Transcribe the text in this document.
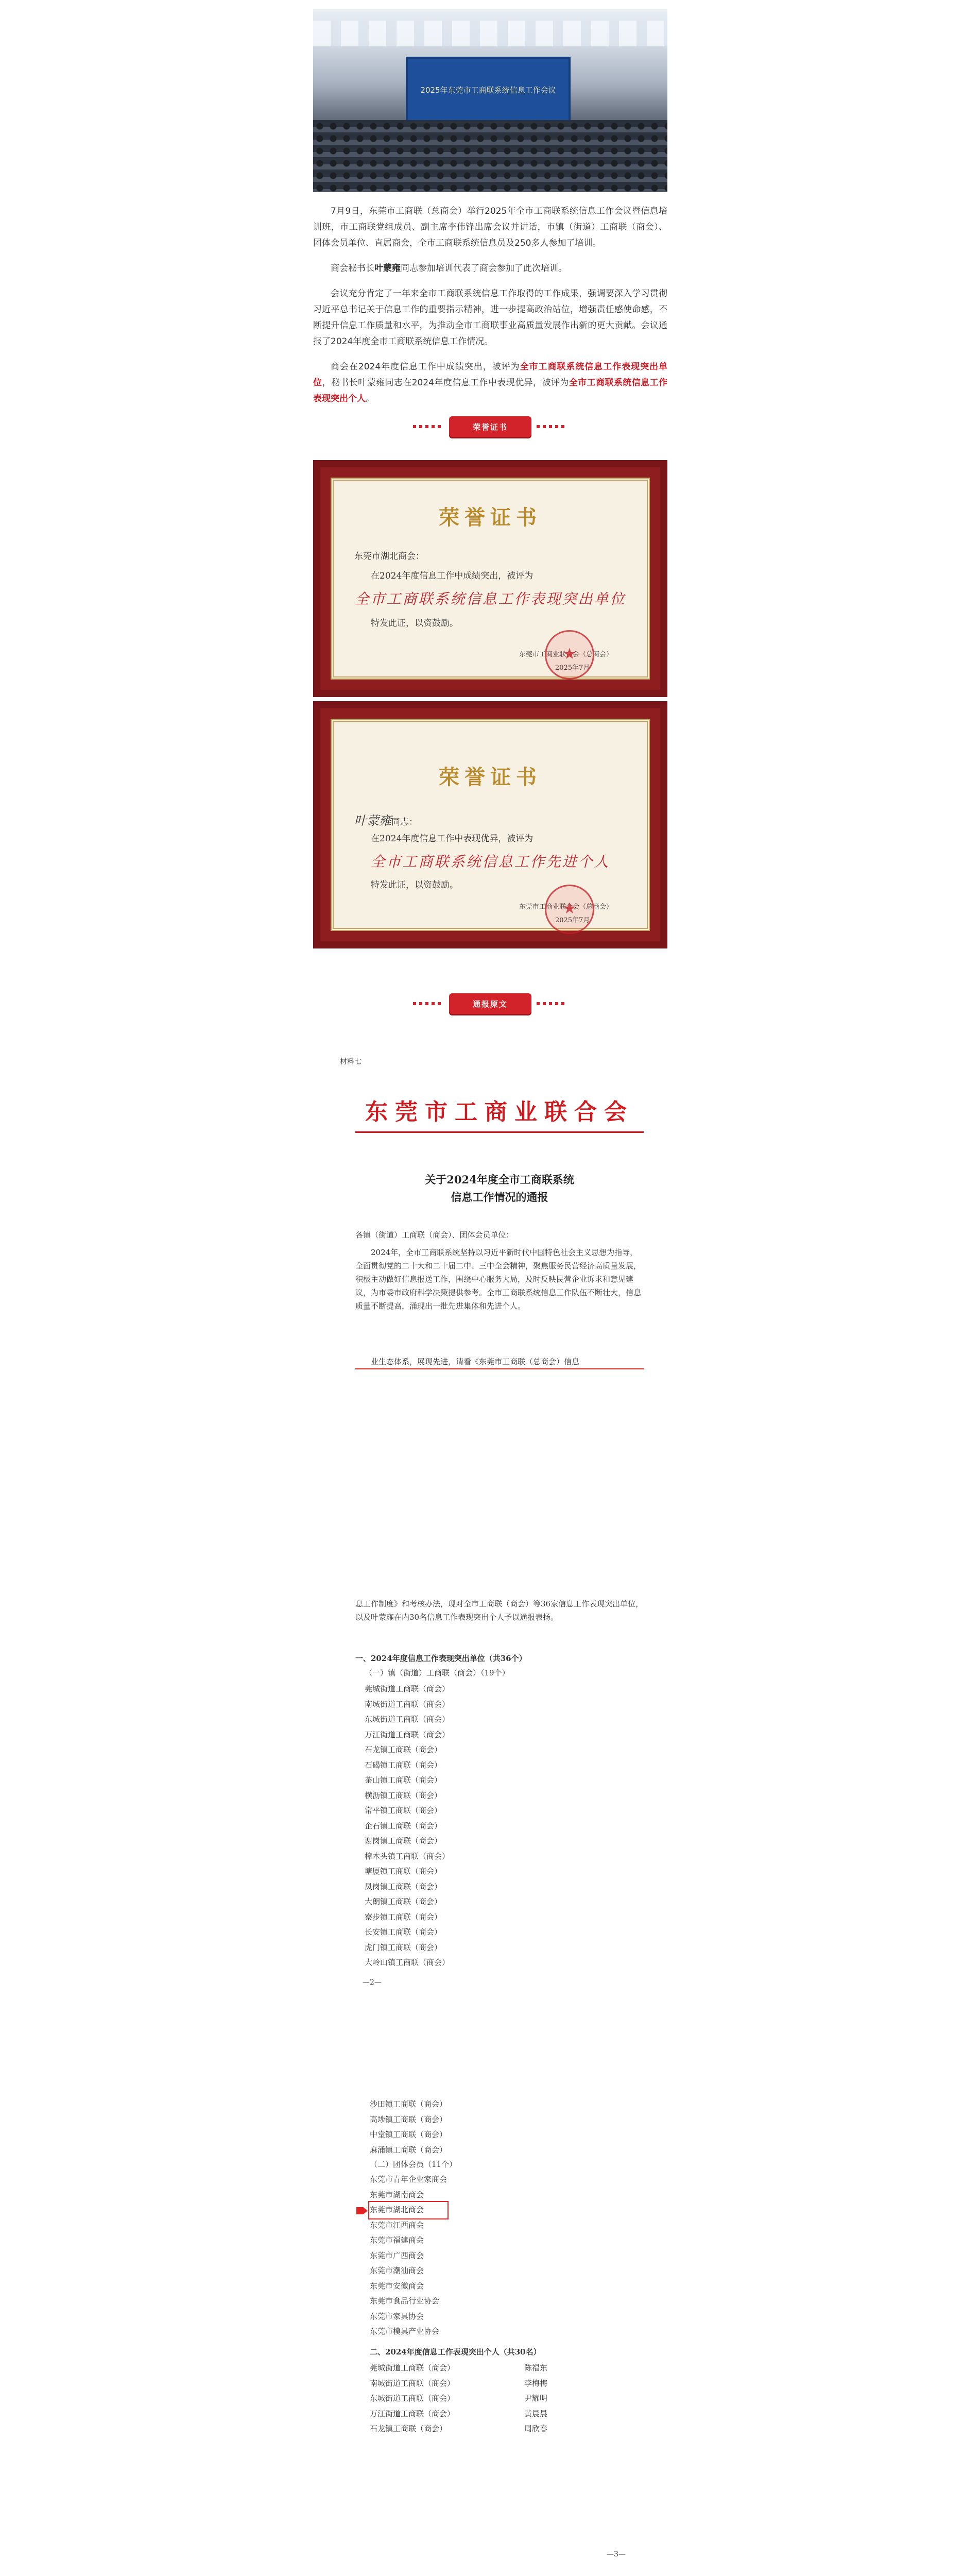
2025年东莞市工商联系统信息工作会议

7月9日，东莞市工商联（总商会）举行2025年全市工商联系统信息工作会议暨信息培训班，市工商联党组成员、副主席李伟锋出席会议并讲话，市镇（街道）工商联（商会）、团体会员单位、直属商会，全市工商联系统信息员及250多人参加了培训。

商会秘书长叶蒙雍同志参加培训代表了商会参加了此次培训。

会议充分肯定了一年来全市工商联系统信息工作取得的工作成果，强调要深入学习贯彻习近平总书记关于信息工作的重要指示精神，进一步提高政治站位，增强责任感使命感，不断提升信息工作质量和水平，为推动全市工商联事业高质量发展作出新的更大贡献。会议通报了2024年度全市工商联系统信息工作情况。

商会在2024年度信息工作中成绩突出，被评为全市工商联系统信息工作表现突出单位，秘书长叶蒙雍同志在2024年度信息工作中表现优异，被评为全市工商联系统信息工作表现突出个人。

荣誉证书
荣誉证书
东莞市湖北商会：
在2024年度信息工作中成绩突出，被评为
全市工商联系统信息工作表现突出单位
特发此证，以资鼓励。
东莞市工商业联合会（总商会）
2025年7月
★
荣誉证书
叶蒙雍同志：
在2024年度信息工作中表现优异，被评为
全市工商联系统信息工作先进个人
特发此证，以资鼓励。
东莞市工商业联合会（总商会）
2025年7月
★
通报原文
材料七
东莞市工商业联合会
关于2024年度全市工商联系统
信息工作情况的通报
各镇（街道）工商联（商会）、团体会员单位：
2024年，全市工商联系统坚持以习近平新时代中国特色社会主义思想为指导，全面贯彻党的二十大和二十届二中、三中全会精神，聚焦服务民营经济高质量发展，积极主动做好信息报送工作，围绕中心服务大局，及时反映民营企业诉求和意见建议，为市委市政府科学决策提供参考。全市工商联系统信息工作队伍不断壮大，信息质量不断提高，涌现出一批先进集体和先进个人。
业生态体系，展现先进，请看《东莞市工商联（总商会）信息
息工作制度》和考核办法，现对全市工商联（商会）等36家信息工作表现突出单位，以及叶蒙雍在内30名信息工作表现突出个人予以通报表扬。
一、2024年度信息工作表现突出单位（共36个）
（一）镇（街道）工商联（商会）（19个）
莞城街道工商联（商会）
南城街道工商联（商会）
东城街道工商联（商会）
万江街道工商联（商会）
石龙镇工商联（商会）
石碣镇工商联（商会）
茶山镇工商联（商会）
横沥镇工商联（商会）
常平镇工商联（商会）
企石镇工商联（商会）
谢岗镇工商联（商会）
樟木头镇工商联（商会）
塘厦镇工商联（商会）
凤岗镇工商联（商会）
大朗镇工商联（商会）
寮步镇工商联（商会）
长安镇工商联（商会）
虎门镇工商联（商会）
大岭山镇工商联（商会）
—2—
沙田镇工商联（商会）
高埗镇工商联（商会）
中堂镇工商联（商会）
麻涌镇工商联（商会）
（二）团体会员（11个）
东莞市青年企业家商会
东莞市湖南商会
东莞市湖北商会
东莞市江西商会
东莞市福建商会
东莞市广西商会
东莞市潮汕商会
东莞市安徽商会
东莞市食品行业协会
东莞市家具协会
东莞市模具产业协会
二、2024年度信息工作表现突出个人（共30名）
莞城街道工商联（商会）	陈福东
南城街道工商联（商会）	李梅梅
东城街道工商联（商会）	尹耀明
万江街道工商联（商会）	黄晨晨
石龙镇工商联（商会）	周欣春
—3—
